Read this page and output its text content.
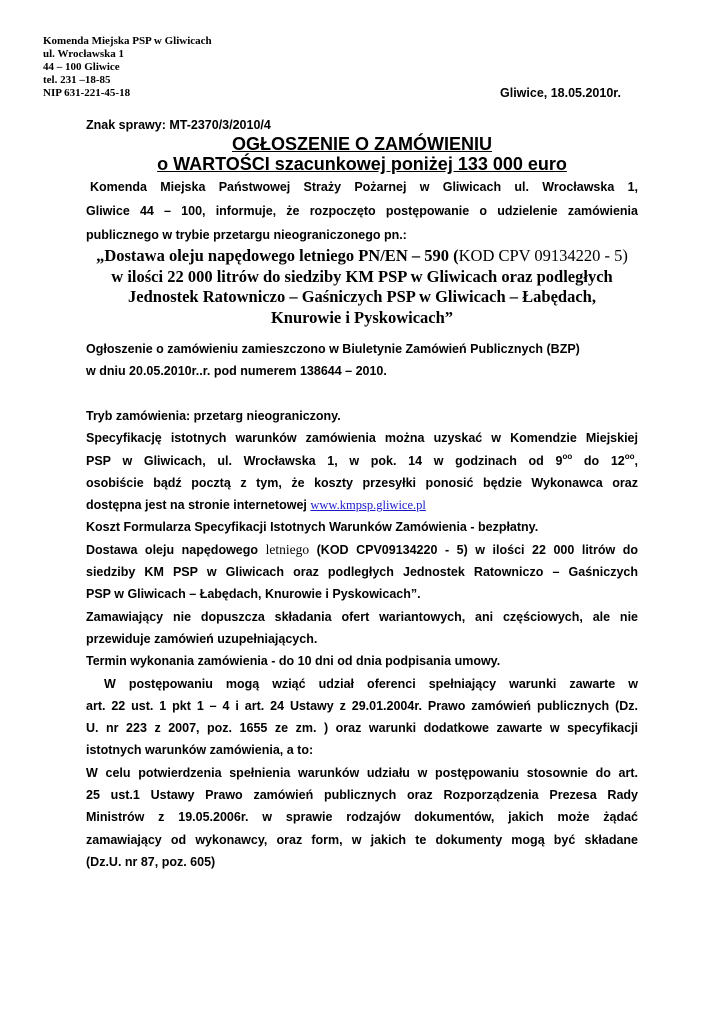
Komenda Miejska PSP w Gliwicach
ul. Wrocławska 1
44 – 100 Gliwice
tel. 231 –18-85
NIP 631-221-45-18	Gliwice, 18.05.2010r.
Znak sprawy: MT-2370/3/2010/4
OGŁOSZENIE O ZAMÓWIENIU
o WARTOŚCI szacunkowej poniżej 133 000 euro
Komenda Miejska Państwowej Straży Pożarnej w Gliwicach ul. Wrocławska 1,
Gliwice 44 – 100, informuje, że rozpoczęto postępowanie o udzielenie zamówienia
publicznego w trybie przetargu nieograniczonego pn.:
„Dostawa oleju napędowego letniego PN/EN – 590 (KOD CPV 09134220 - 5)
w ilości 22 000 litrów do siedziby KM PSP w Gliwicach oraz podległych
Jednostek Ratowniczo – Gaśniczych PSP w Gliwicach – Łabędach,
Knurowie i Pyskowicach”
Ogłoszenie o zamówieniu zamieszczono w Biuletynie Zamówień Publicznych (BZP)
w dniu 20.05.2010r..r. pod numerem 138644 – 2010.
Tryb zamówienia: przetarg nieograniczony.
Specyfikację istotnych warunków zamówienia można uzyskać w Komendzie Miejskiej
PSP w Gliwicach, ul. Wrocławska 1, w pok. 14 w godzinach od $9^{oo}$ do $12^{oo}$,
osobiście bądź pocztą z tym, że koszty przesyłki ponosić będzie Wykonawca oraz
dostępna jest na stronie internetowej www.kmpsp.gliwice.pl
Koszt Formularza Specyfikacji Istotnych Warunków Zamówienia - bezpłatny.
Dostawa oleju napędowego letniego (KOD CPV09134220 - 5) w ilości 22 000 litrów do
siedziby KM PSP w Gliwicach oraz podległych Jednostek Ratowniczo – Gaśniczych
PSP w Gliwicach – Łabędach, Knurowie i Pyskowicach”.
Zamawiający nie dopuszcza składania ofert wariantowych, ani częściowych, ale nie
przewiduje zamówień uzupełniających.
Termin wykonania zamówienia - do 10 dni od dnia podpisania umowy.
W postępowaniu mogą wziąć udział oferenci spełniający warunki zawarte w
art. 22 ust. 1 pkt 1 – 4 i art. 24 Ustawy z 29.01.2004r. Prawo zamówień publicznych (Dz.
U. nr 223 z 2007, poz. 1655 ze zm. ) oraz warunki dodatkowe zawarte w specyfikacji
istotnych warunków zamówienia, a to:
W celu potwierdzenia spełnienia warunków udziału w postępowaniu stosownie do art.
25 ust.1 Ustawy Prawo zamówień publicznych oraz Rozporządzenia Prezesa Rady
Ministrów z 19.05.2006r. w sprawie rodzajów dokumentów, jakich może żądać
zamawiający od wykonawcy, oraz form, w jakich te dokumenty mogą być składane
(Dz.U. nr 87, poz. 605)
